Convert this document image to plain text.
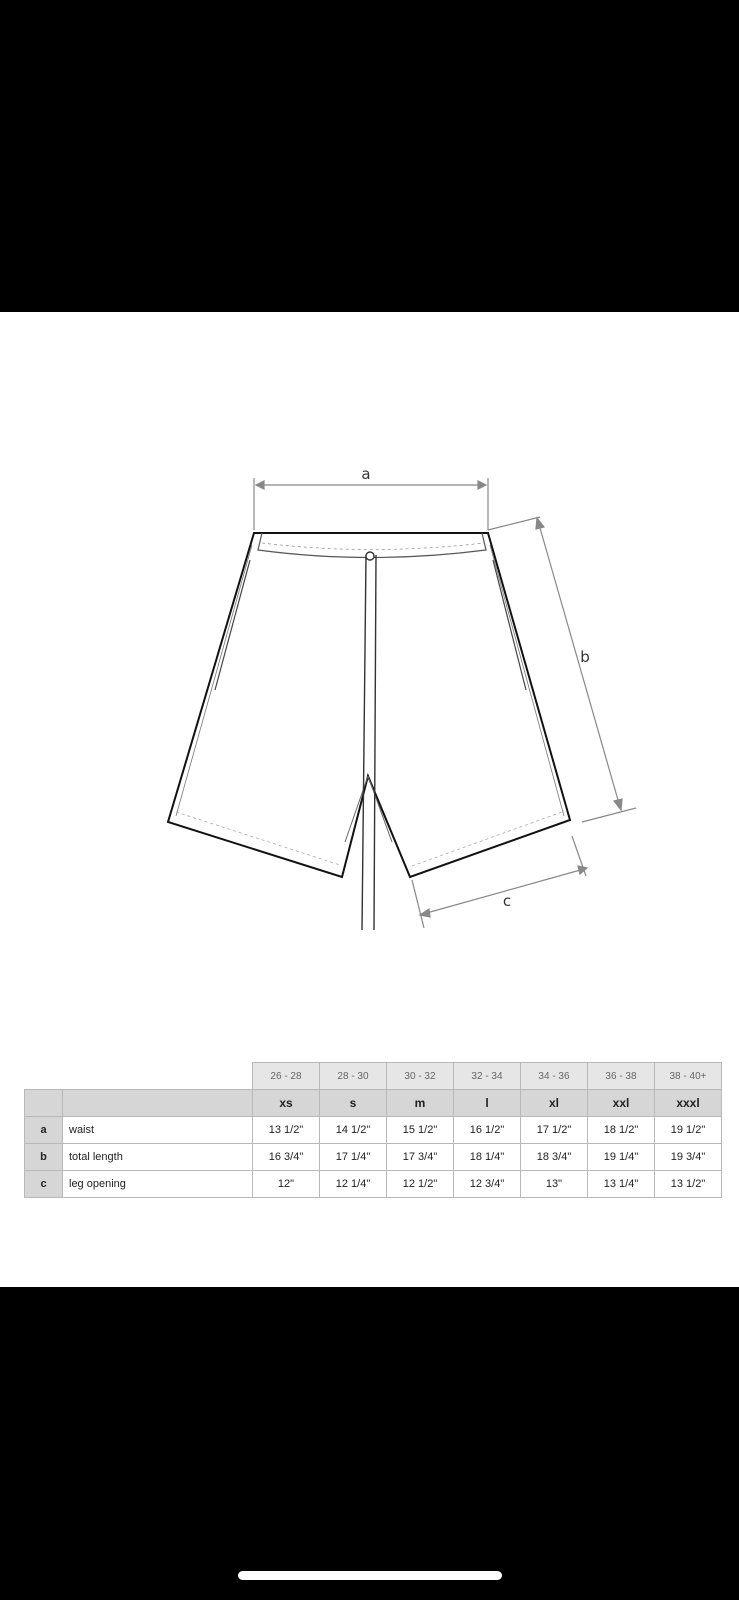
a
b
c
		26 - 28	28 - 30	30 - 32	32 - 34	34 - 36	36 - 38	38 - 40+
		xs	s	m	l	xl	xxl	xxxl
a	waist	13 1/2"	14 1/2"	15 1/2"	16 1/2"	17 1/2"	18 1/2"	19 1/2"
b	total length	16 3/4"	17 1/4"	17 3/4"	18 1/4"	18 3/4"	19 1/4"	19 3/4"
c	leg opening	12"	12 1/4"	12 1/2"	12 3/4"	13"	13 1/4"	13 1/2"
